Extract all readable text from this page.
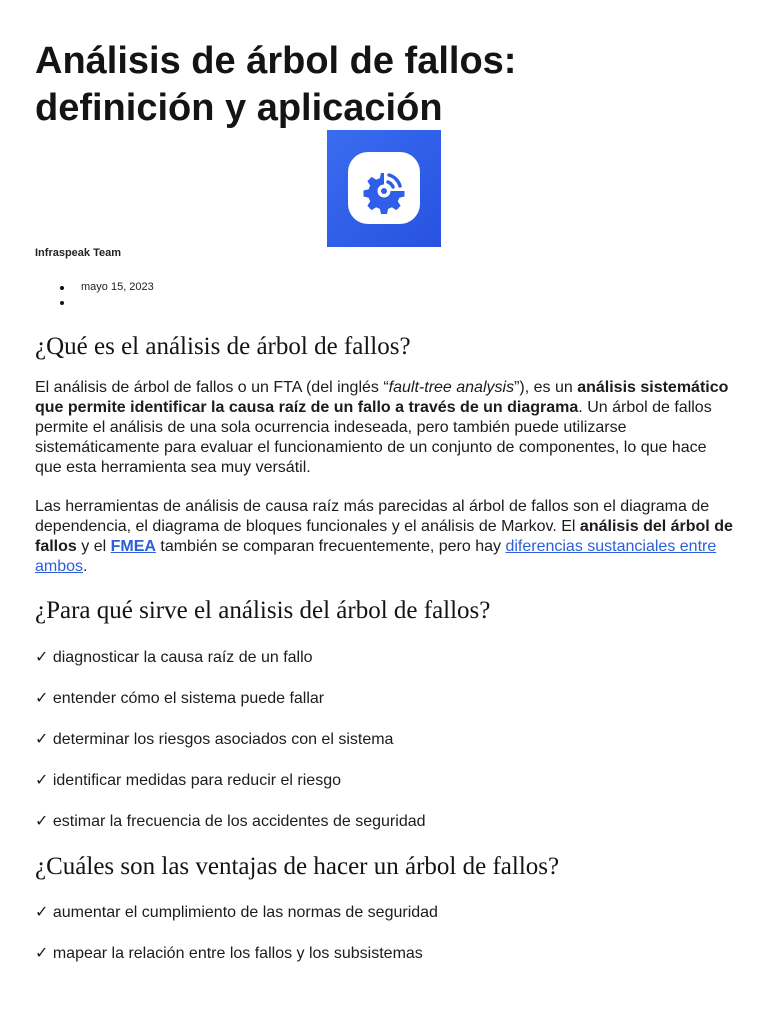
Análisis de árbol de fallos:
definición y aplicación
Infraspeak Team
mayo 15, 2023
¿Qué es el análisis de árbol de fallos?

El análisis de árbol de fallos o un FTA (del inglés “fault-tree analysis”), es un análisis sistemático que permite identificar la causa raíz de un fallo a través de un diagrama. Un árbol de fallos permite el análisis de una sola ocurrencia indeseada, pero también puede utilizarse sistemáticamente para evaluar el funcionamiento de un conjunto de componentes, lo que hace que esta herramienta sea muy versátil.

Las herramientas de análisis de causa raíz más parecidas al árbol de fallos son el diagrama de dependencia, el diagrama de bloques funcionales y el análisis de Markov. El análisis del árbol de fallos y el FMEA también se comparan frecuentemente, pero hay diferencias sustanciales entre ambos.

¿Para qué sirve el análisis del árbol de fallos?
✓ diagnosticar la causa raíz de un fallo
✓ entender cómo el sistema puede fallar
✓ determinar los riesgos asociados con el sistema
✓ identificar medidas para reducir el riesgo
✓ estimar la frecuencia de los accidentes de seguridad
¿Cuáles son las ventajas de hacer un árbol de fallos?
✓ aumentar el cumplimiento de las normas de seguridad
✓ mapear la relación entre los fallos y los subsistemas
